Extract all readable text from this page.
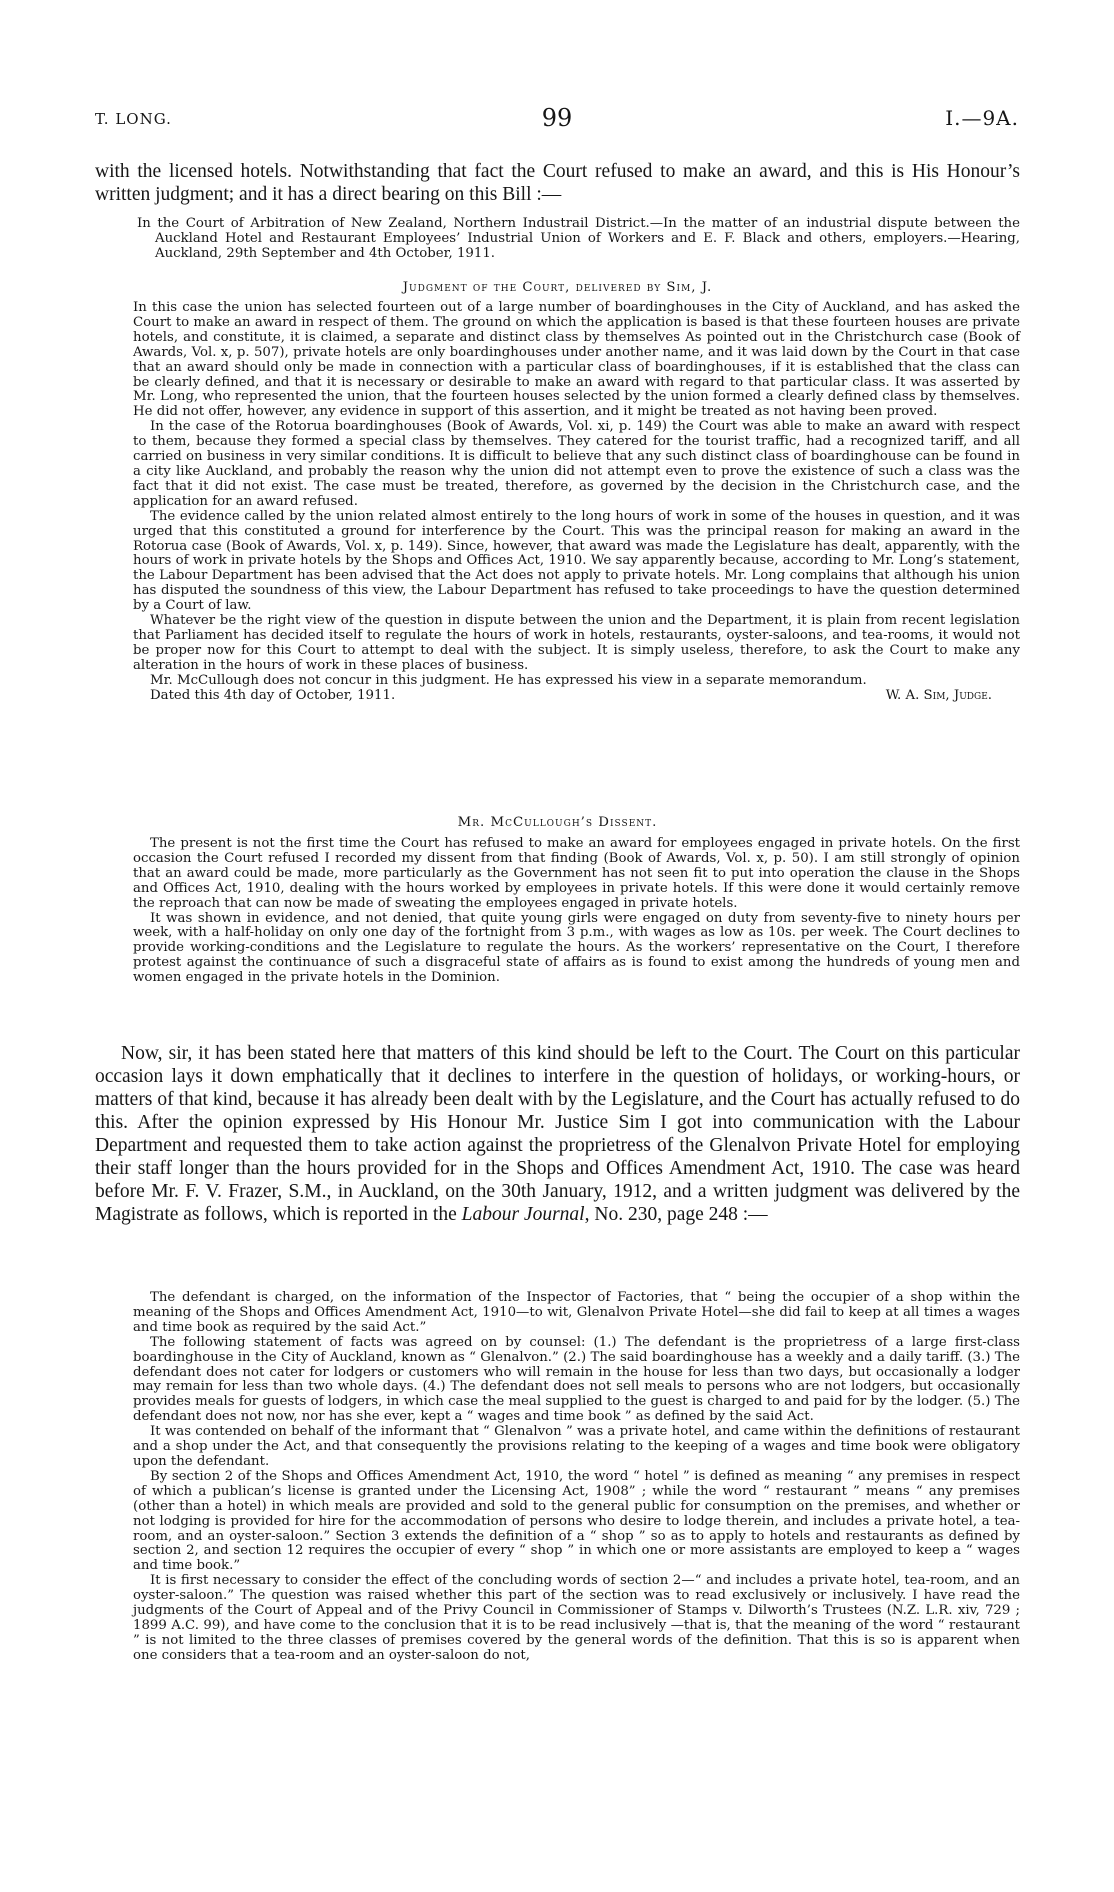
T. LONG.	99	I.—9A.

with the licensed hotels. Notwithstanding that fact the Court refused to make an award, and this is His Honour’s written judgment; and it has a direct bearing on this Bill :—

In the Court of Arbitration of New Zealand, Northern Industrail District.—In the matter of an industrial dispute between the Auckland Hotel and Restaurant Employees’ Industrial Union of Workers and E. F. Black and others, employers.—Hearing, Auckland, 29th September and 4th October, 1911.

Judgment of the Court, delivered by Sim, J.

In this case the union has selected fourteen out of a large number of boardinghouses in the City of Auckland, and has asked the Court to make an award in respect of them. The ground on which the application is based is that these fourteen houses are private hotels, and constitute, it is claimed, a separate and distinct class by themselves As pointed out in the Christchurch case (Book of Awards, Vol. x, p. 507), private hotels are only boardinghouses under another name, and it was laid down by the Court in that case that an award should only be made in connection with a particular class of boardinghouses, if it is established that the class can be clearly defined, and that it is necessary or desirable to make an award with regard to that particular class. It was asserted by Mr. Long, who represented the union, that the fourteen houses selected by the union formed a clearly defined class by themselves. He did not offer, however, any evidence in support of this assertion, and it might be treated as not having been proved.

In the case of the Rotorua boardinghouses (Book of Awards, Vol. xi, p. 149) the Court was able to make an award with respect to them, because they formed a special class by themselves. They catered for the tourist traffic, had a recognized tariff, and all carried on business in very similar conditions. It is difficult to believe that any such distinct class of boardinghouse can be found in a city like Auckland, and probably the reason why the union did not attempt even to prove the existence of such a class was the fact that it did not exist. The case must be treated, therefore, as governed by the decision in the Christchurch case, and the application for an award refused.

The evidence called by the union related almost entirely to the long hours of work in some of the houses in question, and it was urged that this constituted a ground for interference by the Court. This was the principal reason for making an award in the Rotorua case (Book of Awards, Vol. x, p. 149). Since, however, that award was made the Legislature has dealt, apparently, with the hours of work in private hotels by the Shops and Offices Act, 1910. We say apparently because, according to Mr. Long’s statement, the Labour Department has been advised that the Act does not apply to private hotels. Mr. Long complains that although his union has disputed the soundness of this view, the Labour Department has refused to take proceedings to have the question determined by a Court of law.

Whatever be the right view of the question in dispute between the union and the Department, it is plain from recent legislation that Parliament has decided itself to regulate the hours of work in hotels, restaurants, oyster-saloons, and tea-rooms, it would not be proper now for this Court to attempt to deal with the subject. It is simply useless, therefore, to ask the Court to make any alteration in the hours of work in these places of business.

Mr. McCullough does not concur in this judgment. He has expressed his view in a separate memorandum.

Dated this 4th day of October, 1911.	W. A. Sim, Judge.

Mr. McCullough’s Dissent.

The present is not the first time the Court has refused to make an award for employees engaged in private hotels. On the first occasion the Court refused I recorded my dissent from that finding (Book of Awards, Vol. x, p. 50). I am still strongly of opinion that an award could be made, more particularly as the Government has not seen fit to put into operation the clause in the Shops and Offices Act, 1910, dealing with the hours worked by employees in private hotels. If this were done it would certainly remove the reproach that can now be made of sweating the employees engaged in private hotels.

It was shown in evidence, and not denied, that quite young girls were engaged on duty from seventy-five to ninety hours per week, with a half-holiday on only one day of the fortnight from 3 p.m., with wages as low as 10s. per week. The Court declines to provide working-conditions and the Legislature to regulate the hours. As the workers’ representative on the Court, I therefore protest against the continuance of such a disgraceful state of affairs as is found to exist among the hundreds of young men and women engaged in the private hotels in the Dominion.

Now, sir, it has been stated here that matters of this kind should be left to the Court. The Court on this particular occasion lays it down emphatically that it declines to interfere in the question of holidays, or working-hours, or matters of that kind, because it has already been dealt with by the Legislature, and the Court has actually refused to do this. After the opinion expressed by His Honour Mr. Justice Sim I got into communication with the Labour Department and requested them to take action against the proprietress of the Glenalvon Private Hotel for employing their staff longer than the hours provided for in the Shops and Offices Amendment Act, 1910. The case was heard before Mr. F. V. Frazer, S.M., in Auckland, on the 30th January, 1912, and a written judgment was delivered by the Magistrate as follows, which is reported in the Labour Journal, No. 230, page 248 :—

The defendant is charged, on the information of the Inspector of Factories, that “ being the occupier of a shop within the meaning of the Shops and Offices Amendment Act, 1910—to wit, Glenalvon Private Hotel—she did fail to keep at all times a wages and time book as required by the said Act.”

The following statement of facts was agreed on by counsel: (1.) The defendant is the proprietress of a large first-class boardinghouse in the City of Auckland, known as “ Glenalvon.” (2.) The said boardinghouse has a weekly and a daily tariff. (3.) The defendant does not cater for lodgers or customers who will remain in the house for less than two days, but occasionally a lodger may remain for less than two whole days. (4.) The defendant does not sell meals to persons who are not lodgers, but occasionally provides meals for guests of lodgers, in which case the meal supplied to the guest is charged to and paid for by the lodger. (5.) The defendant does not now, nor has she ever, kept a “ wages and time book ” as defined by the said Act.

It was contended on behalf of the informant that “ Glenalvon ” was a private hotel, and came within the definitions of restaurant and a shop under the Act, and that consequently the provisions relating to the keeping of a wages and time book were obligatory upon the defendant.

By section 2 of the Shops and Offices Amendment Act, 1910, the word “ hotel ” is defined as meaning “ any premises in respect of which a publican’s license is granted under the Licensing Act, 1908” ; while the word “ restaurant ” means “ any premises (other than a hotel) in which meals are provided and sold to the general public for consumption on the premises, and whether or not lodging is provided for hire for the accommodation of persons who desire to lodge therein, and includes a private hotel, a tea-room, and an oyster-saloon.” Section 3 extends the definition of a “ shop ” so as to apply to hotels and restaurants as defined by section 2, and section 12 requires the occupier of every “ shop ” in which one or more assistants are employed to keep a “ wages and time book.”

It is first necessary to consider the effect of the concluding words of section 2—“ and includes a private hotel, tea-room, and an oyster-saloon.” The question was raised whether this part of the section was to read exclusively or inclusively. I have read the judgments of the Court of Appeal and of the Privy Council in Commissioner of Stamps v. Dilworth’s Trustees (N.Z. L.R. xiv, 729 ; 1899 A.C. 99), and have come to the conclusion that it is to be read inclusively —that is, that the meaning of the word “ restaurant ” is not limited to the three classes of premises covered by the general words of the definition. That this is so is apparent when one considers that a tea-room and an oyster-saloon do not,
